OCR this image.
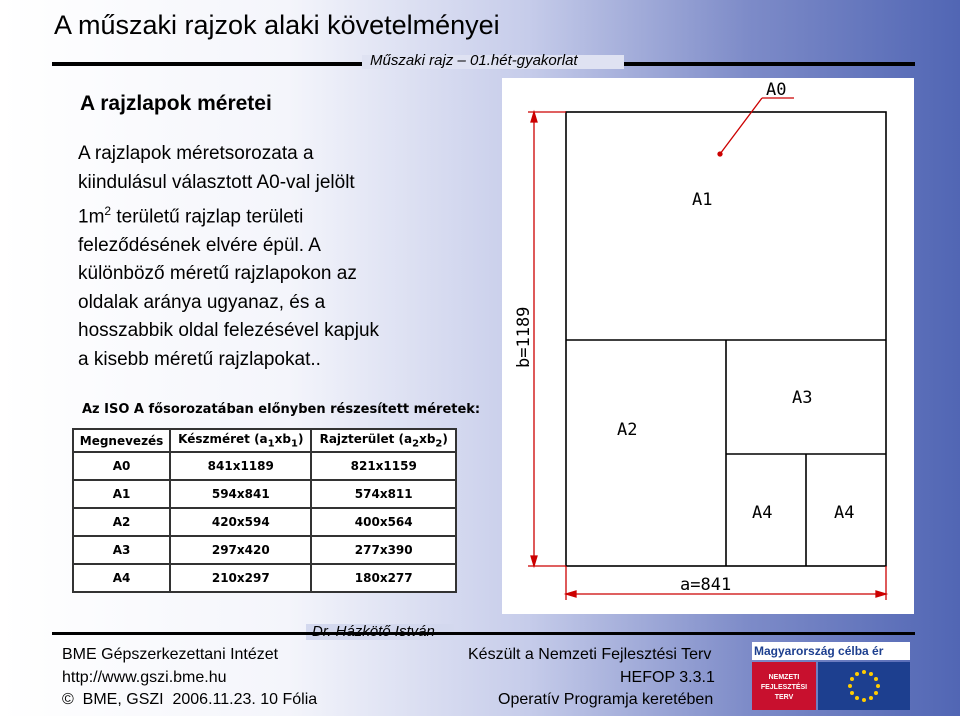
A műszaki rajzok alaki követelményei
Műszaki rajz – 01.hét-gyakorlat
A rajzlapok méretei
A rajzlapok méretsorozata a
kiindulásul választott A0-val jelölt
$1m^2$ területű rajzlap területi
feleződésének elvére épül. A
különböző méretű rajzlapokon az
oldalak aránya ugyanaz, és a
hosszabbik oldal felezésével kapjuk
a kisebb méretű rajzlapokat..
Az ISO A fősorozatában előnyben részesített méretek:
Megnevezés	Készméret $(a_1xb_1)$	Rajzterület $(a_2xb_2)$
A0	841x1189	821x1159
A1	594x841	574x811
A2	420x594	400x564
A3	297x420	277x390
A4	210x297	180x277
A0
A1
A2
A3
A4	A4
b=1189
a=841
BME Gépszerkezettani Intézet
http://www.gszi.bme.hu
©  BME, GSZI  2006.11.23. 10 Fólia
Készült a Nemzeti Fejlesztési Terv
HEFOP 3.3.1
Operatív Programja keretében
Magyarország célba ér
NEMZETI
FEJLESZTÉSI
TERV
